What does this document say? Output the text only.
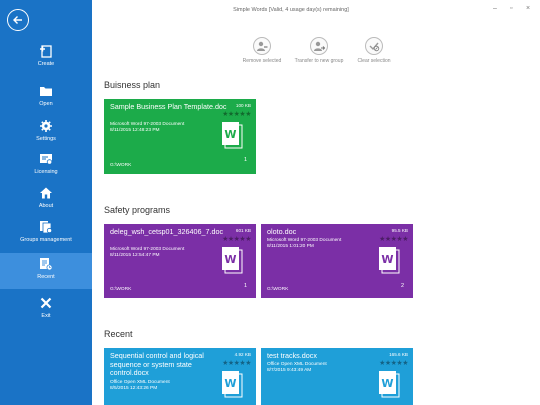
Create
Open
Settings
Licensing
About
Groups management
Recent
Exit
Simple Words [Valid, 4 usage day(s) remaining]	– ▫ ×
Remove selected	Transfer to new group	Clear selection
Buisness plan
Sample Business Plan Template.doc	100 KB
★★★★★
Microsoft Word 97-2003 Document
8/11/2015 12:48:23 PM	W
G:\WORK
1
Safety programs
deleg_wsh_cetsp01_326406_7.doc	601 KB
★★★★★
Microsoft Word 97-2003 Document
8/11/2015 12:54:47 PM	W
G:\WORK
1
oloto.doc	95.5 KB
★★★★★
Microsoft Word 97-2003 Document
8/11/2015 1:01:20 PM
W
G:\WORK
2
Recent
Sequential control and logical sequence or system state control.docx
4.92 KB
★★★★★
Office Open XML Document
8/5/2015 12:43:26 PM	W
test tracks.docx	165.6 KB
★★★★★
Office Open XML Document
8/7/2015 9:43:49 AM
W
